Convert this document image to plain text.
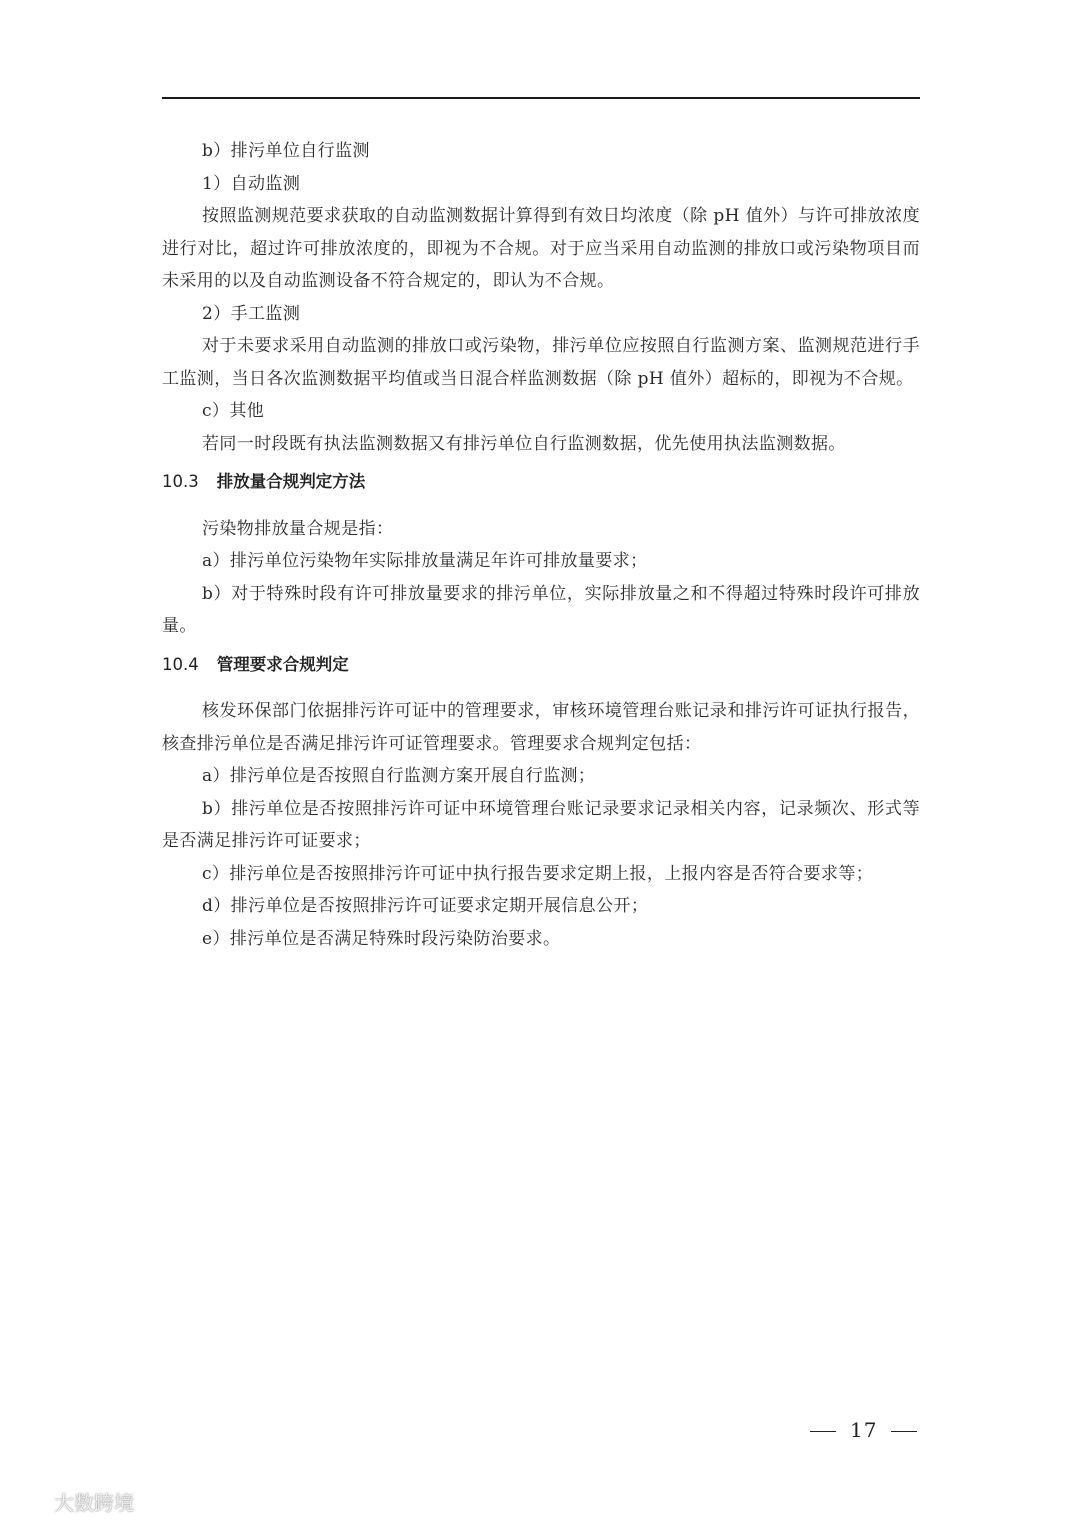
b）排污单位自行监测

1）自动监测

按照监测规范要求获取的自动监测数据计算得到有效日均浓度（除 pH 值外）与许可排放浓度进行对比，超过许可排放浓度的，即视为不合规。对于应当采用自动监测的排放口或污染物项目而未采用的以及自动监测设备不符合规定的，即认为不合规。

2）手工监测

对于未要求采用自动监测的排放口或污染物，排污单位应按照自行监测方案、监测规范进行手工监测，当日各次监测数据平均值或当日混合样监测数据（除 pH 值外）超标的，即视为不合规。

c）其他

若同一时段既有执法监测数据又有排污单位自行监测数据，优先使用执法监测数据。

10.3 排放量合规判定方法

污染物排放量合规是指：

a）排污单位污染物年实际排放量满足年许可排放量要求；

b）对于特殊时段有许可排放量要求的排污单位，实际排放量之和不得超过特殊时段许可排放量。

10.4 管理要求合规判定

核发环保部门依据排污许可证中的管理要求，审核环境管理台账记录和排污许可证执行报告，核查排污单位是否满足排污许可证管理要求。管理要求合规判定包括：

a）排污单位是否按照自行监测方案开展自行监测；

b）排污单位是否按照排污许可证中环境管理台账记录要求记录相关内容，记录频次、形式等是否满足排污许可证要求；

c）排污单位是否按照排污许可证中执行报告要求定期上报，上报内容是否符合要求等；

d）排污单位是否按照排污许可证要求定期开展信息公开；

e）排污单位是否满足特殊时段污染防治要求。

17
大数跨境
